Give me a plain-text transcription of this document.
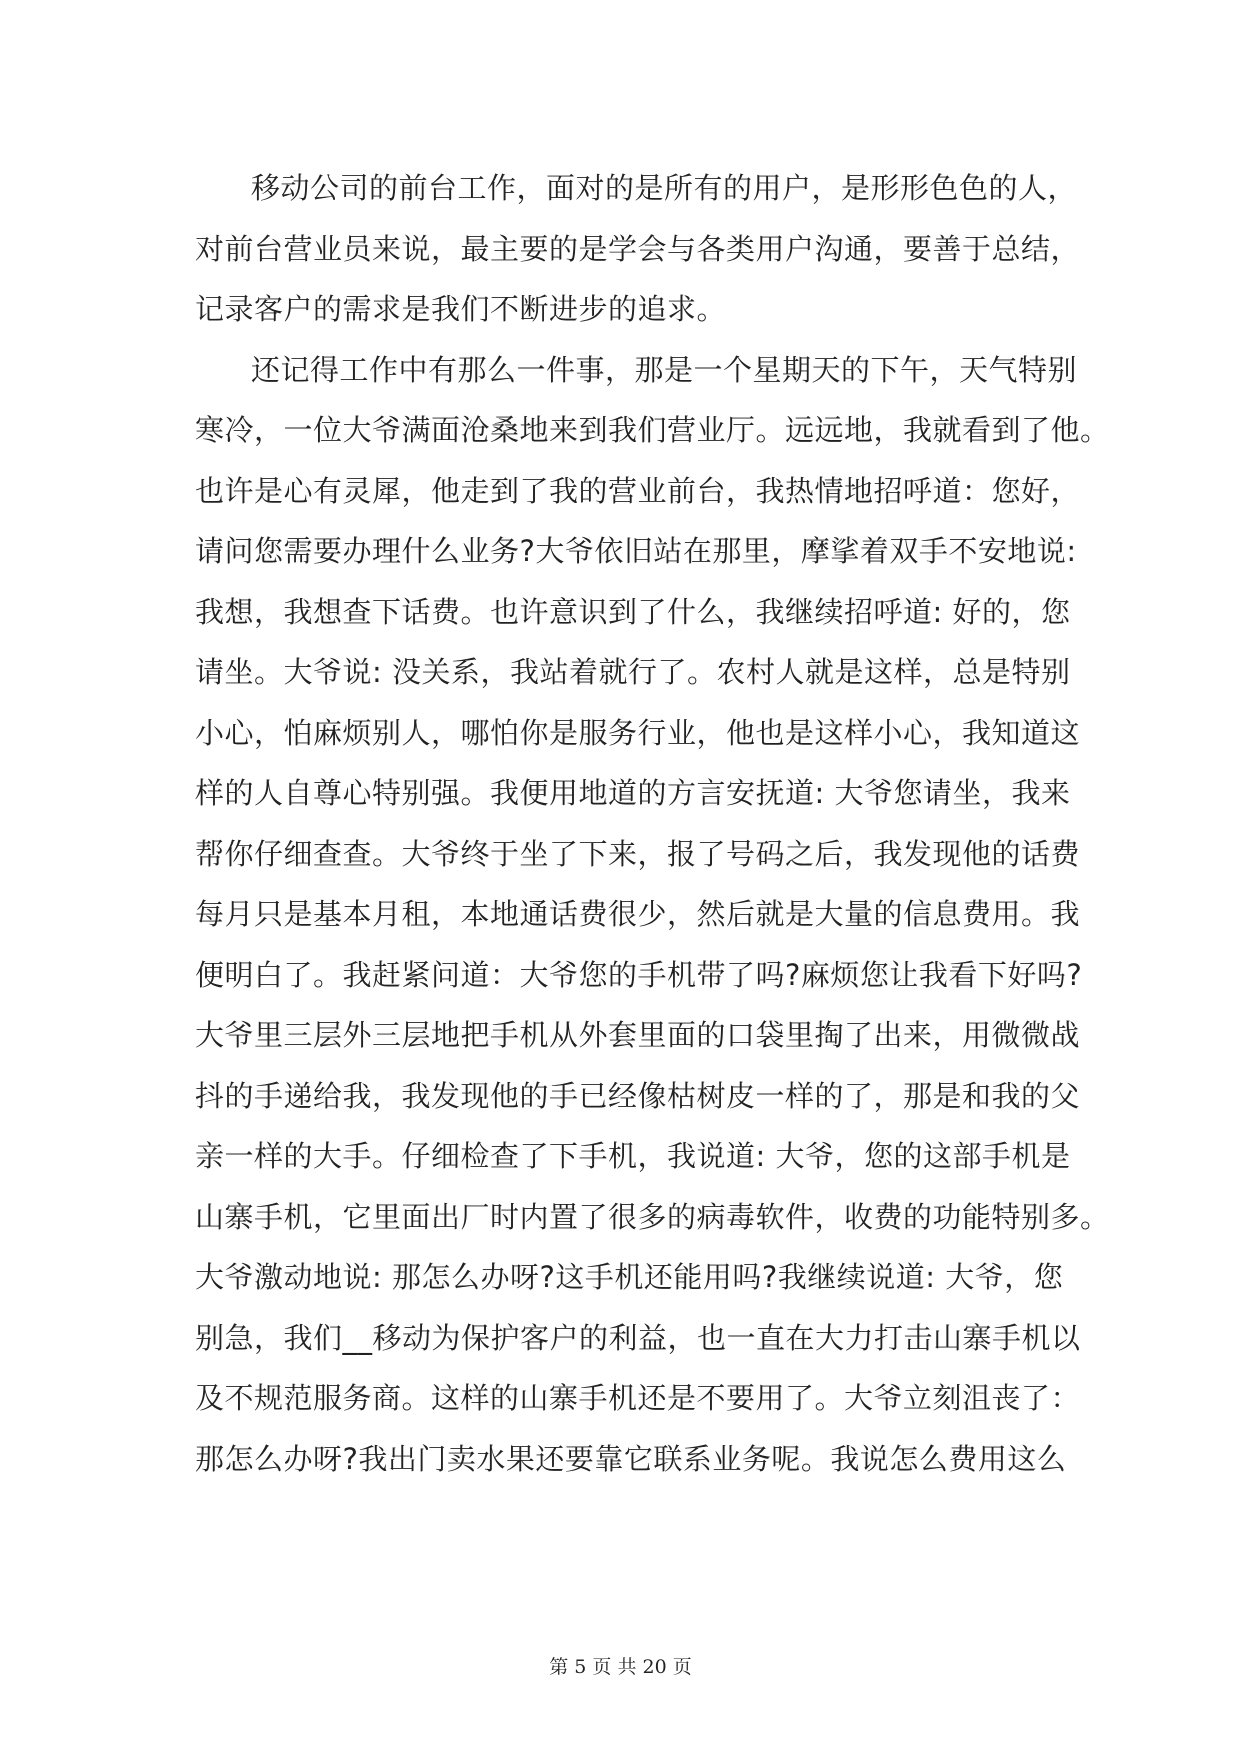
移动公司的前台工作，面对的是所有的用户，是形形色色的人，
对前台营业员来说，最主要的是学会与各类用户沟通，要善于总结，
记录客户的需求是我们不断进步的追求。
还记得工作中有那么一件事，那是一个星期天的下午，天气特别
寒冷，一位大爷满面沧桑地来到我们营业厅。远远地，我就看到了他。
也许是心有灵犀，他走到了我的营业前台，我热情地招呼道：您好，
请问您需要办理什么业务?大爷依旧站在那里，摩挲着双手不安地说:
我想，我想查下话费。也许意识到了什么，我继续招呼道: 好的，您
请坐。大爷说: 没关系，我站着就行了。农村人就是这样，总是特别
小心，怕麻烦别人，哪怕你是服务行业，他也是这样小心，我知道这
样的人自尊心特别强。我便用地道的方言安抚道: 大爷您请坐，我来
帮你仔细查查。大爷终于坐了下来，报了号码之后，我发现他的话费
每月只是基本月租，本地通话费很少，然后就是大量的信息费用。我
便明白了。我赶紧问道：大爷您的手机带了吗?麻烦您让我看下好吗?
大爷里三层外三层地把手机从外套里面的口袋里掏了出来，用微微战
抖的手递给我，我发现他的手已经像枯树皮一样的了，那是和我的父
亲一样的大手。仔细检查了下手机，我说道: 大爷，您的这部手机是
山寨手机，它里面出厂时内置了很多的病毒软件，收费的功能特别多。
大爷激动地说: 那怎么办呀?这手机还能用吗?我继续说道: 大爷，您
别急，我们__移动为保护客户的利益，也一直在大力打击山寨手机以
及不规范服务商。这样的山寨手机还是不要用了。大爷立刻沮丧了：
那怎么办呀?我出门卖水果还要靠它联系业务呢。我说怎么费用这么
第 5 页 共 20 页
